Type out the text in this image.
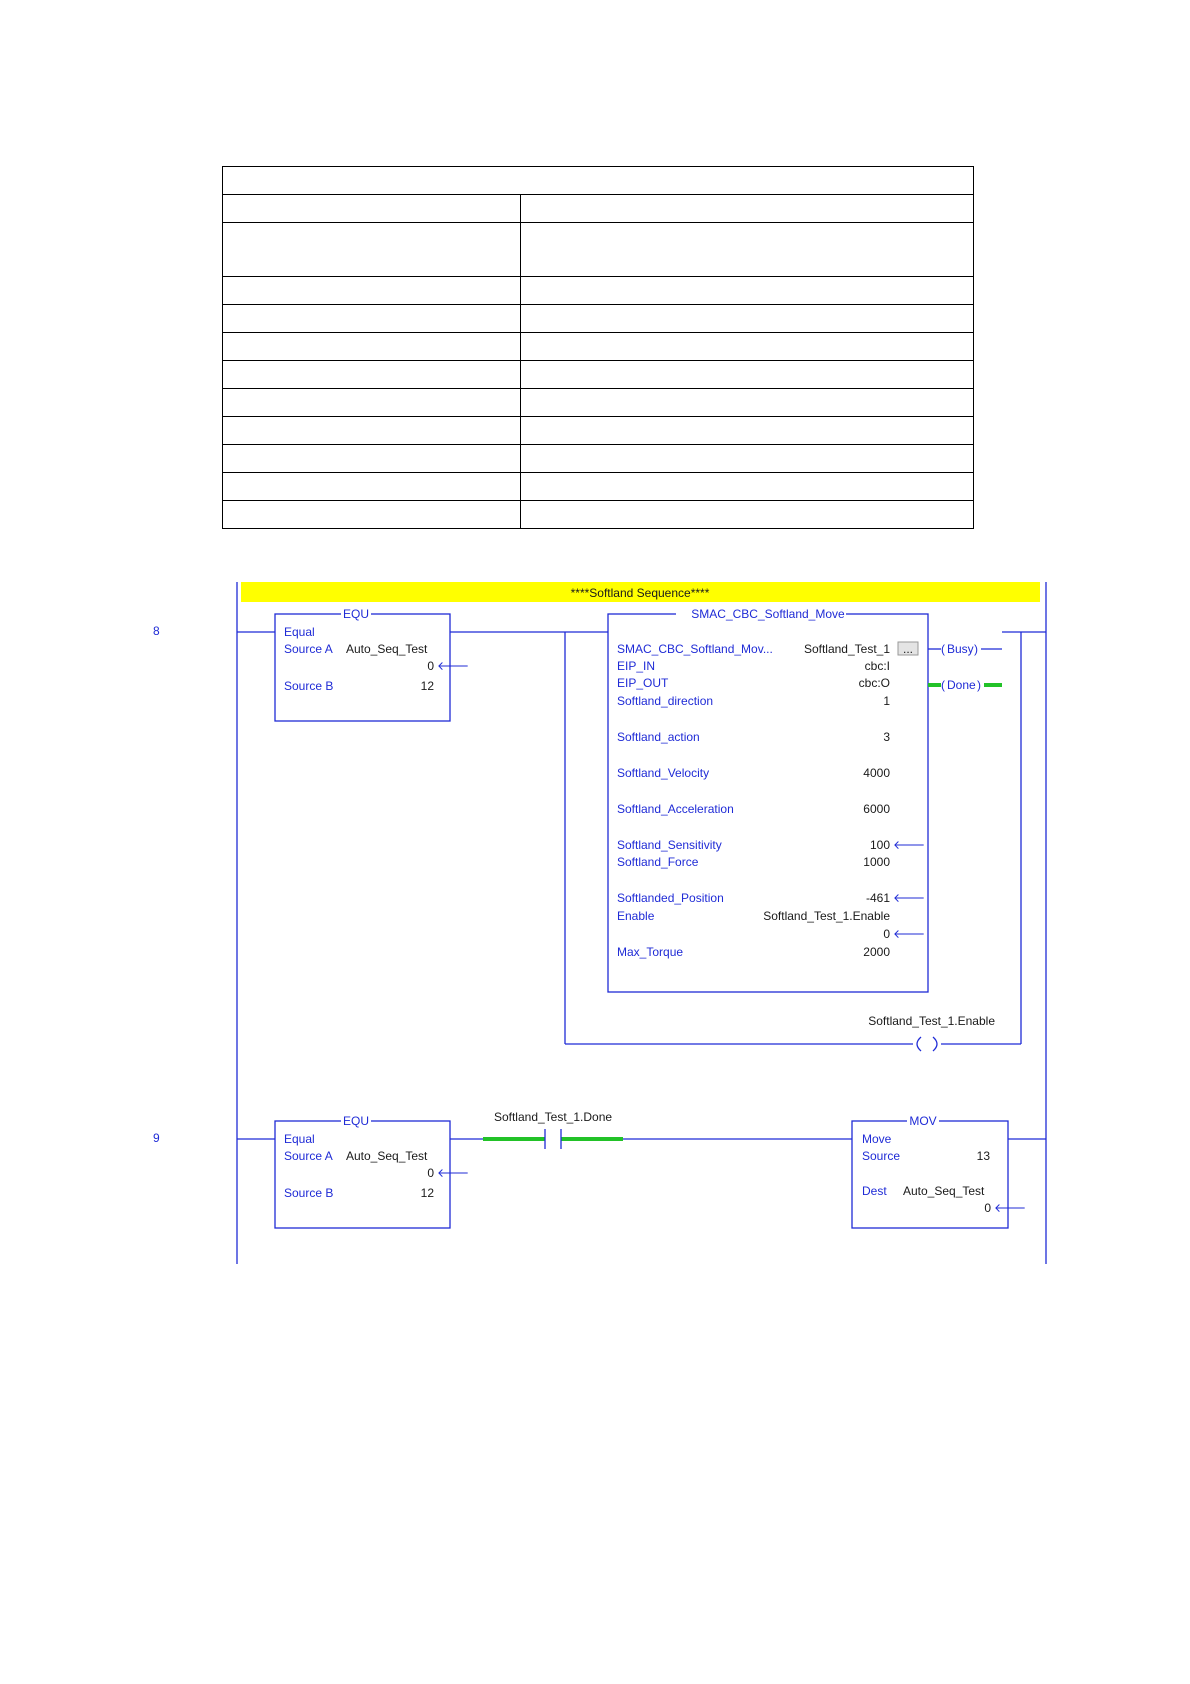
8
****Softland Sequence****
EQU
Equal
Source A Auto_Seq_Test
0 🡐
Source B	12
SMAC_CBC_Softland_Move
SMAC_CBC_Softland_Mov...	Softland_Test_1 ...
EIP_IN	cbc:I
EIP_OUT	cbc:O
Softland_direction	1
Softland_action	3
Softland_Velocity	4000
Softland_Acceleration	6000
Softland_Sensitivity	100 🡐
Softland_Force	1000
Softlanded_Position	-461 🡐
Enable	Softland_Test_1.Enable
0 🡐
Max_Torque	2000
( Busy )
( Done )
Softland_Test_1.Enable
9
EQU
Equal
Source A Auto_Seq_Test
0 🡐
Source B	12
Softland_Test_1.Done	MOV
Move
Source	13
Dest Auto_Seq_Test
0 🡐
